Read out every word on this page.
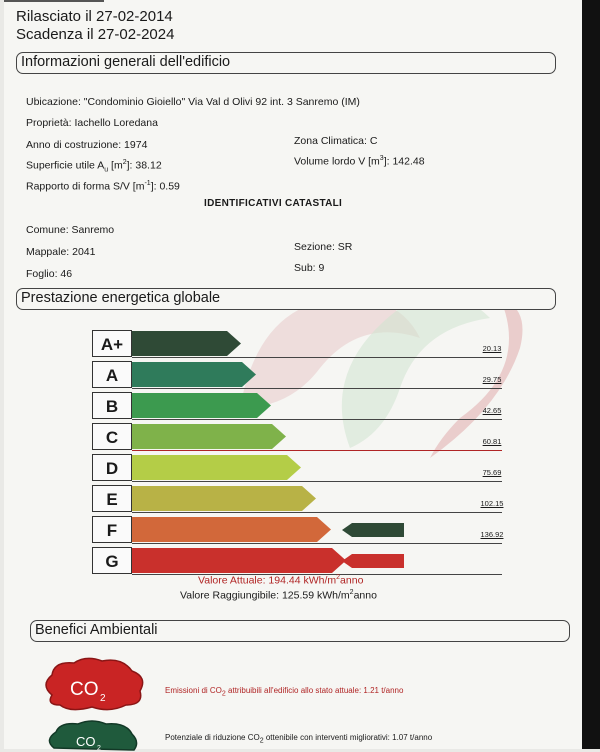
Rilasciato il 27-02-2014
Scadenza il 27-02-2024
Informazioni generali dell'edificio
Ubicazione: "Condominio Gioiello" Via Val d Olivi 92 int. 3 Sanremo (IM)
Proprietà: Iachello Loredana
Anno di costruzione: 1974	Zona Climatica: C
Superficie utile $A_u$ $[m^2]$: 38.12	Volume lordo V $[m^3]$: 142.48
Rapporto di forma S/V $[m^{-1}]$: 0.59
IDENTIFICATIVI CATASTALI
Comune: Sanremo
Mappale: 2041
Foglio: 46
Sezione: SR
Sub: 9
Prestazione energetica globale
A+	20.13
A	29.75
B	42.65
C	60.81
D	75.69
E	102.15
F	136.92
G
Valore Attuale: 194.44 kWh/$m^2anno$
Valore Raggiungibile: 125.59 kWh/$m^2anno$
Benefici Ambientali
CO 2
Emissioni di CO2 attribuibili all'edificio allo stato attuale: 1.21 t/anno
CO 2
Potenziale di riduzione CO2 ottenibile con interventi migliorativi: 1.07 t/anno
